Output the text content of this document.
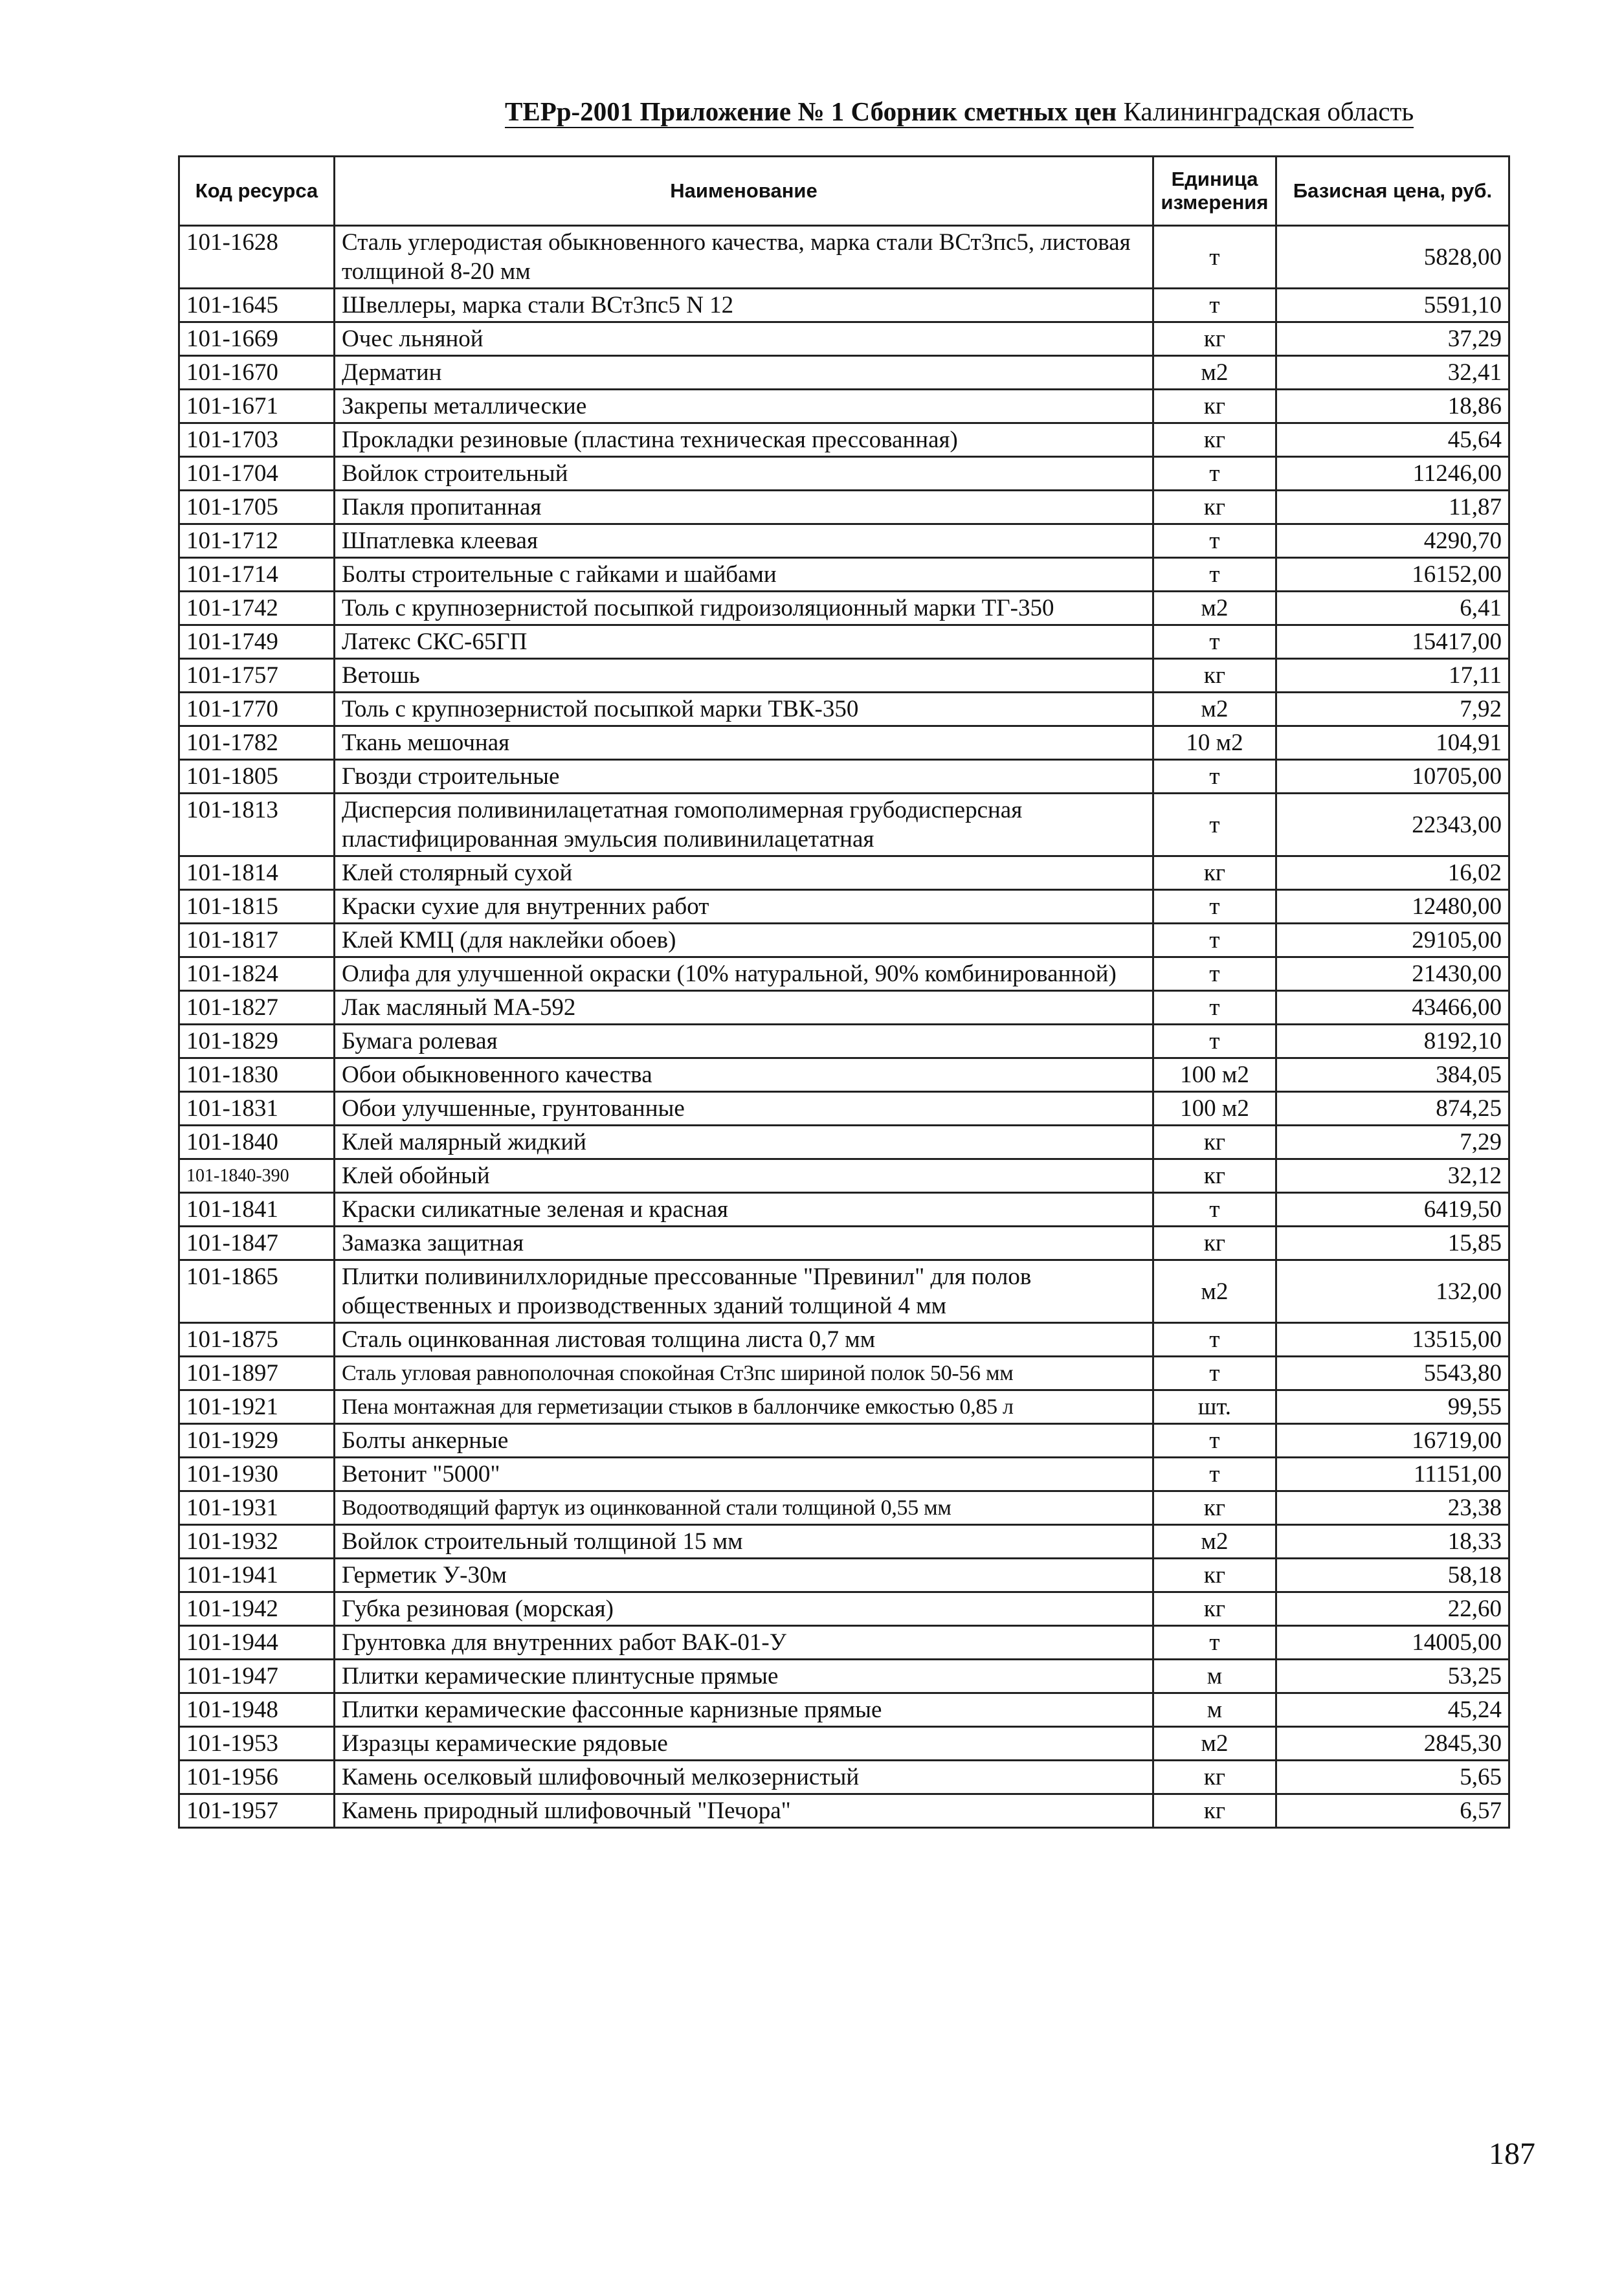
ТЕРр-2001 Приложение № 1 Сборник сметных цен Калининградская область
Код ресурса	Наименование	Единица измерения	Базисная цена, руб.
101-1628	Сталь углеродистая обыкновенного качества, марка стали ВСт3пс5, листовая толщиной 8-20 мм	т	5828,00
101-1645	Швеллеры, марка стали ВСт3пс5 N 12	т	5591,10
101-1669	Очес льняной	кг	37,29
101-1670	Дерматин	м2	32,41
101-1671	Закрепы металлические	кг	18,86
101-1703	Прокладки резиновые (пластина техническая прессованная)	кг	45,64
101-1704	Войлок строительный	т	11246,00
101-1705	Пакля пропитанная	кг	11,87
101-1712	Шпатлевка клеевая	т	4290,70
101-1714	Болты строительные с гайками и шайбами	т	16152,00
101-1742	Толь с крупнозернистой посыпкой гидроизоляционный марки ТГ-350	м2	6,41
101-1749	Латекс СКС-65ГП	т	15417,00
101-1757	Ветошь	кг	17,11
101-1770	Толь с крупнозернистой посыпкой марки ТВК-350	м2	7,92
101-1782	Ткань мешочная	10 м2	104,91
101-1805	Гвозди строительные	т	10705,00
101-1813	Дисперсия поливинилацетатная гомополимерная грубодисперсная пластифицированная эмульсия поливинилацетатная	т	22343,00
101-1814	Клей столярный сухой	кг	16,02
101-1815	Краски сухие для внутренних работ	т	12480,00
101-1817	Клей КМЦ (для наклейки обоев)	т	29105,00
101-1824	Олифа для улучшенной окраски (10% натуральной, 90% комбинированной)	т	21430,00
101-1827	Лак масляный МА-592	т	43466,00
101-1829	Бумага ролевая	т	8192,10
101-1830	Обои обыкновенного качества	100 м2	384,05
101-1831	Обои улучшенные, грунтованные	100 м2	874,25
101-1840	Клей малярный жидкий	кг	7,29
101-1840-390	Клей обойный	кг	32,12
101-1841	Краски силикатные зеленая и красная	т	6419,50
101-1847	Замазка защитная	кг	15,85
101-1865	Плитки поливинилхлоридные прессованные "Превинил" для полов общественных и производственных зданий толщиной 4 мм	м2	132,00
101-1875	Сталь оцинкованная листовая толщина листа 0,7 мм	т	13515,00
101-1897	Сталь угловая равнополочная спокойная Ст3пс шириной полок 50-56 мм	т	5543,80
101-1921	Пена монтажная для герметизации стыков в баллончике емкостью 0,85 л	шт.	99,55
101-1929	Болты анкерные	т	16719,00
101-1930	Ветонит "5000"	т	11151,00
101-1931	Водоотводящий фартук из оцинкованной стали толщиной 0,55 мм	кг	23,38
101-1932	Войлок строительный толщиной 15 мм	м2	18,33
101-1941	Герметик У-30м	кг	58,18
101-1942	Губка резиновая (морская)	кг	22,60
101-1944	Грунтовка для внутренних работ ВАК-01-У	т	14005,00
101-1947	Плитки керамические плинтусные прямые	м	53,25
101-1948	Плитки керамические фассонные карнизные прямые	м	45,24
101-1953	Изразцы керамические рядовые	м2	2845,30
101-1956	Камень оселковый шлифовочный мелкозернистый	кг	5,65
101-1957	Камень природный шлифовочный "Печора"	кг	6,57
187
